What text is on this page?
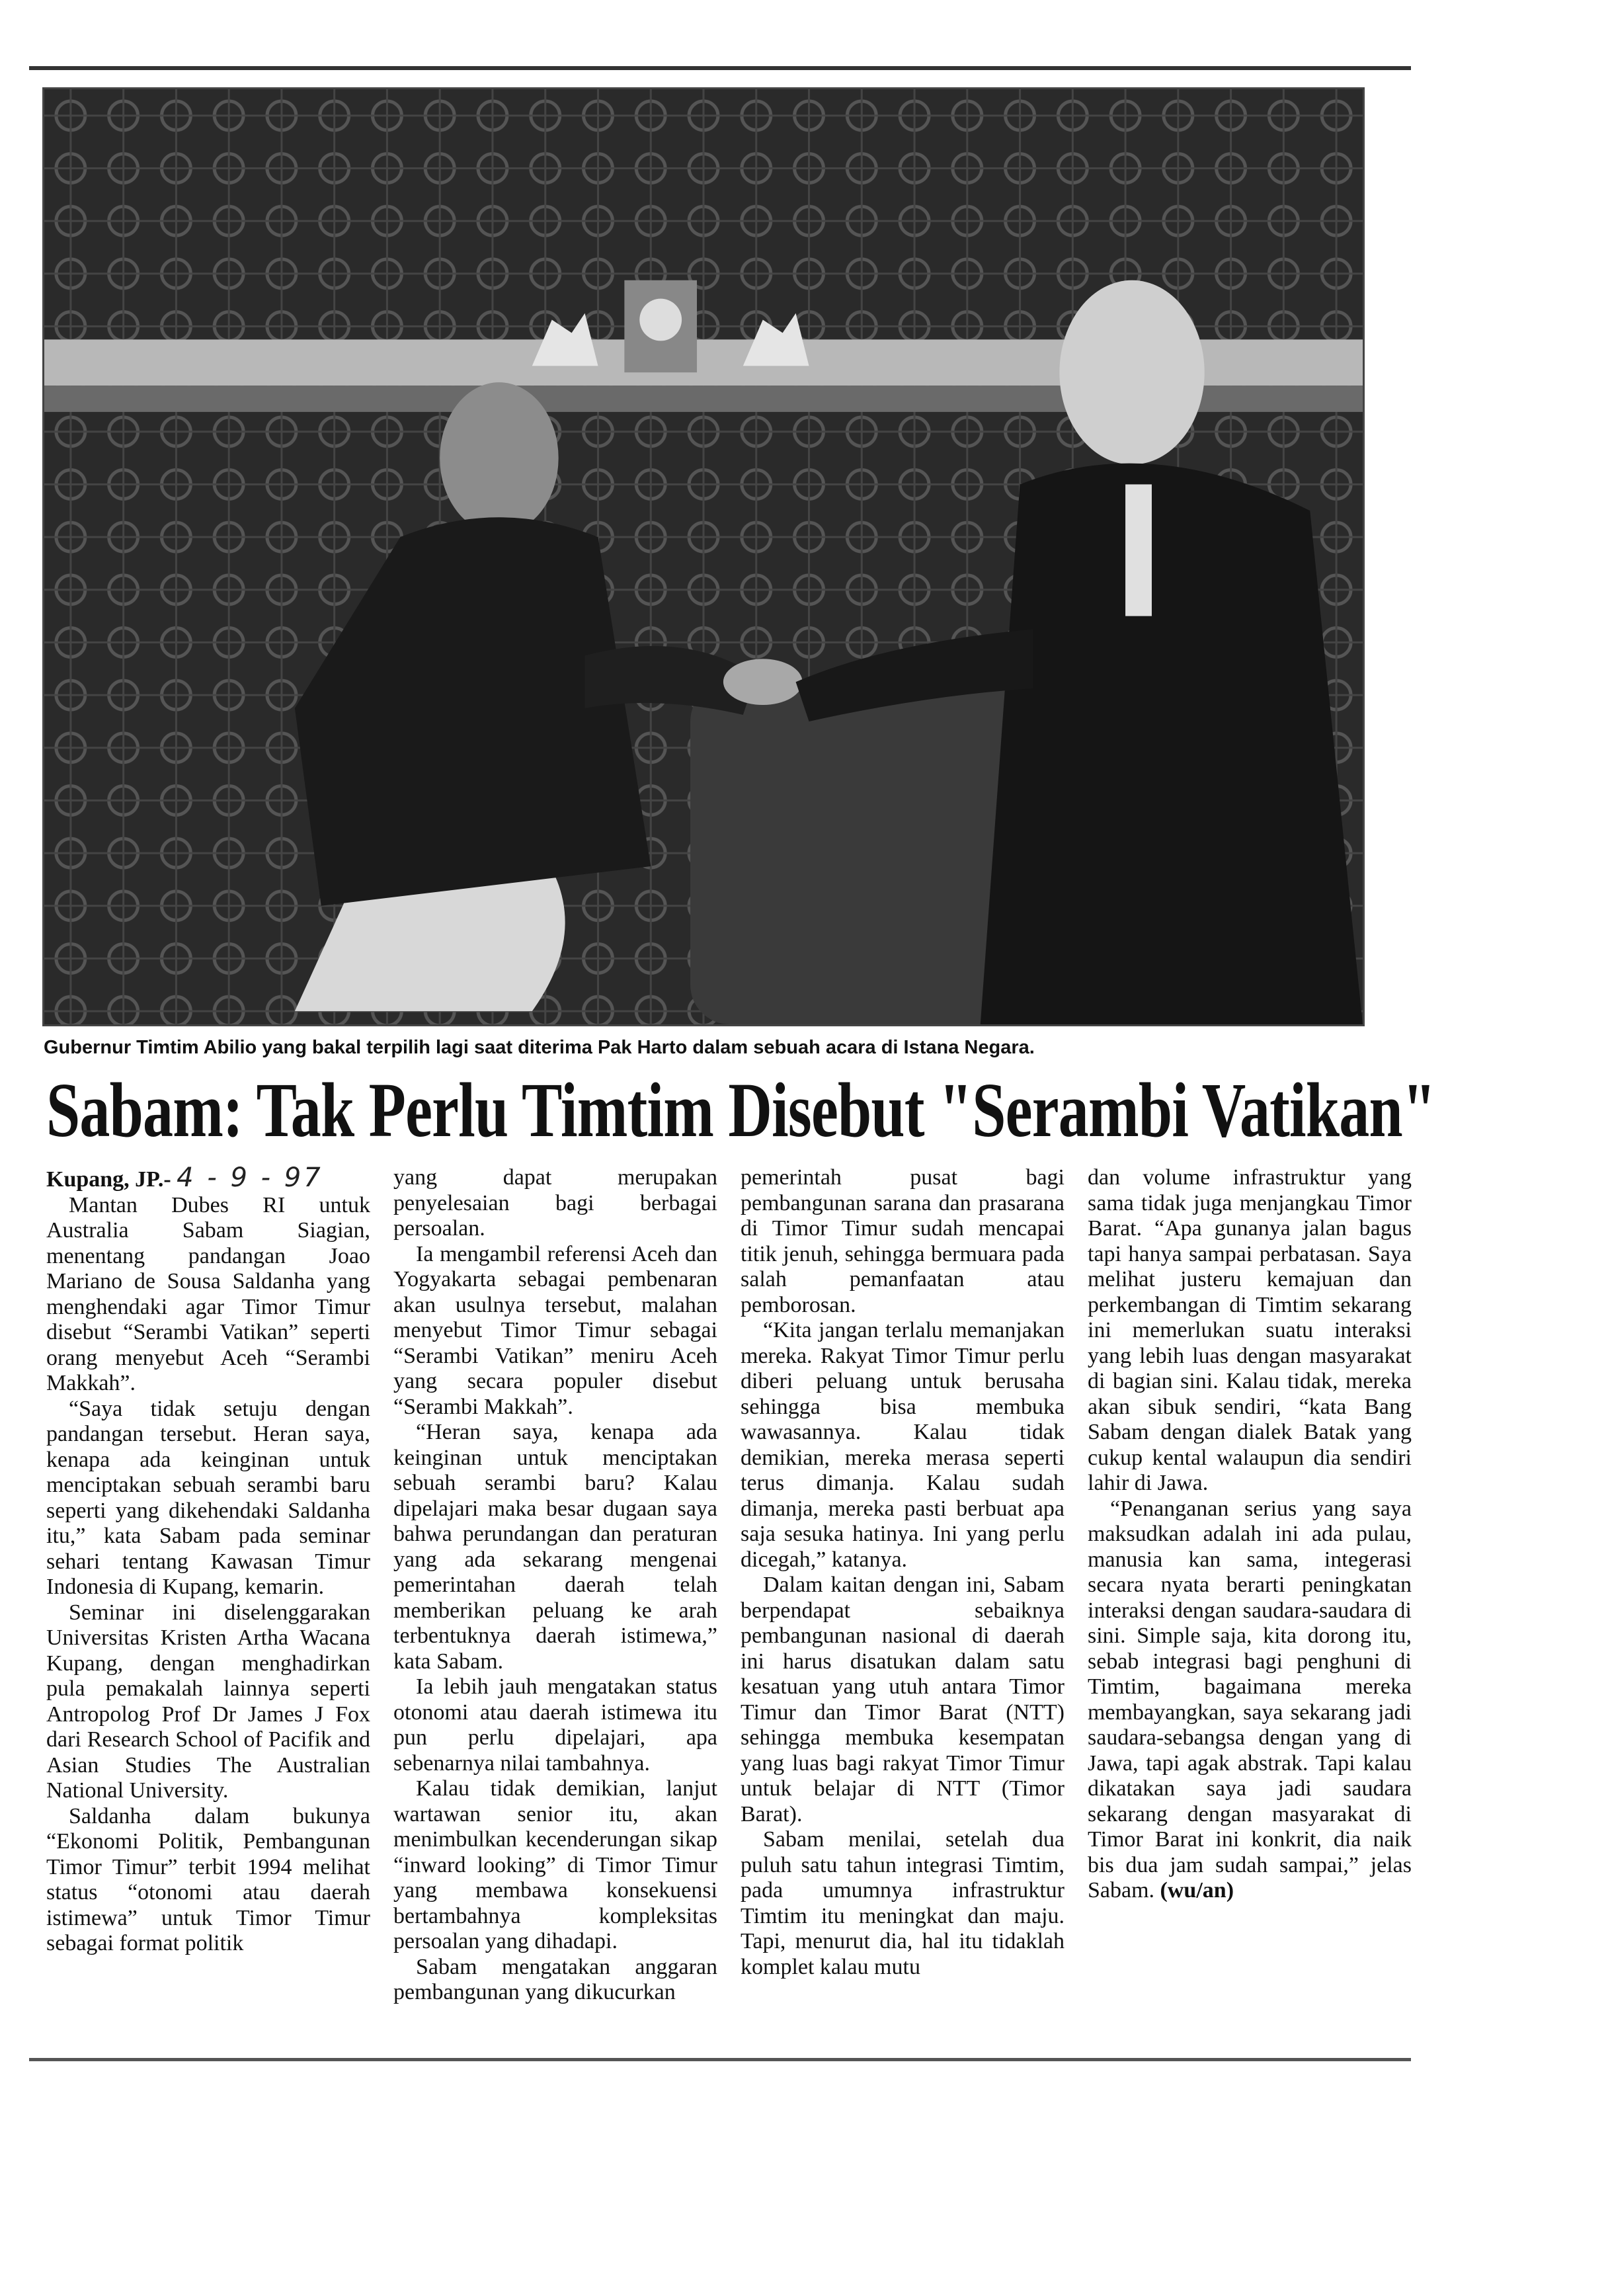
Gubernur Timtim Abilio yang bakal terpilih lagi saat diterima Pak Harto dalam sebuah acara di Istana Negara.
Sabam: Tak Perlu Timtim Disebut "Serambi Vatikan"

Kupang, JP.- 4 - 9 - 97

Mantan Dubes RI untuk Australia Sabam Siagian, menentang pandangan Joao Mariano de Sousa Saldanha yang menghendaki agar Timor Timur disebut “Serambi Vatikan” seperti orang menyebut Aceh “Serambi Makkah”.

“Saya tidak setuju dengan pandangan tersebut. Heran saya, kenapa ada keinginan untuk menciptakan sebuah serambi baru seperti yang dikehendaki Saldanha itu,” kata Sabam pada seminar sehari tentang Kawasan Timur Indonesia di Kupang, kemarin.

Seminar ini diselenggarakan Universitas Kristen Artha Wacana Kupang, dengan menghadirkan pula pemakalah lainnya seperti Antropolog Prof Dr James J Fox dari Research School of Pacifik and Asian Studies The Australian National University.

Saldanha dalam bukunya “Ekonomi Politik, Pembangunan Timor Timur” terbit 1994 melihat status “otonomi atau daerah istimewa” untuk Timor Timur sebagai format politik

yang dapat merupakan penyelesaian bagi berbagai persoalan.

Ia mengambil referensi Aceh dan Yogyakarta sebagai pembenaran akan usulnya tersebut, malahan menyebut Timor Timur sebagai “Serambi Vatikan” meniru Aceh yang secara populer disebut “Serambi Makkah”.

“Heran saya, kenapa ada keinginan untuk menciptakan sebuah serambi baru? Kalau dipelajari maka besar dugaan saya bahwa perundangan dan peraturan yang ada sekarang mengenai pemerintahan daerah telah memberikan peluang ke arah terbentuknya daerah istimewa,” kata Sabam.

Ia lebih jauh mengatakan status otonomi atau daerah istimewa itu pun perlu dipelajari, apa sebenarnya nilai tambahnya.

Kalau tidak demikian, lanjut wartawan senior itu, akan menimbulkan kecenderungan sikap “inward looking” di Timor Timur yang membawa konsekuensi bertambahnya kompleksitas persoalan yang dihadapi.

Sabam mengatakan anggaran pembangunan yang dikucurkan

pemerintah pusat bagi pembangunan sarana dan prasarana di Timor Timur sudah mencapai titik jenuh, sehingga bermuara pada salah pemanfaatan atau pemborosan.

“Kita jangan terlalu memanjakan mereka. Rakyat Timor Timur perlu diberi peluang untuk berusaha sehingga bisa membuka wawasannya. Kalau tidak demikian, mereka merasa seperti terus dimanja. Kalau sudah dimanja, mereka pasti berbuat apa saja sesuka hatinya. Ini yang perlu dicegah,” katanya.

Dalam kaitan dengan ini, Sabam berpendapat sebaiknya pembangunan nasional di daerah ini harus disatukan dalam satu kesatuan yang utuh antara Timor Timur dan Timor Barat (NTT) sehingga membuka kesempatan yang luas bagi rakyat Timor Timur untuk belajar di NTT (Timor Barat).

Sabam menilai, setelah dua puluh satu tahun integrasi Timtim, pada umumnya infrastruktur Timtim itu meningkat dan maju. Tapi, menurut dia, hal itu tidaklah komplet kalau mutu

dan volume infrastruktur yang sama tidak juga menjangkau Timor Barat. “Apa gunanya jalan bagus tapi hanya sampai perbatasan. Saya melihat justeru kemajuan dan perkembangan di Timtim sekarang ini memerlukan suatu interaksi yang lebih luas dengan masyarakat di bagian sini. Kalau tidak, mereka akan sibuk sendiri, “kata Bang Sabam dengan dialek Batak yang cukup kental walaupun dia sendiri lahir di Jawa.

“Penanganan serius yang saya maksudkan adalah ini ada pulau, manusia kan sama, integerasi secara nyata berarti peningkatan interaksi dengan saudara-saudara di sini. Simple saja, kita dorong itu, sebab integrasi bagi penghuni di Timtim, bagaimana mereka membayangkan, saya sekarang jadi saudara-sebangsa dengan yang di Jawa, tapi agak abstrak. Tapi kalau dikatakan saya jadi saudara sekarang dengan masyarakat di Timor Barat ini konkrit, dia naik bis dua jam sudah sampai,” jelas Sabam. (wu/an)
